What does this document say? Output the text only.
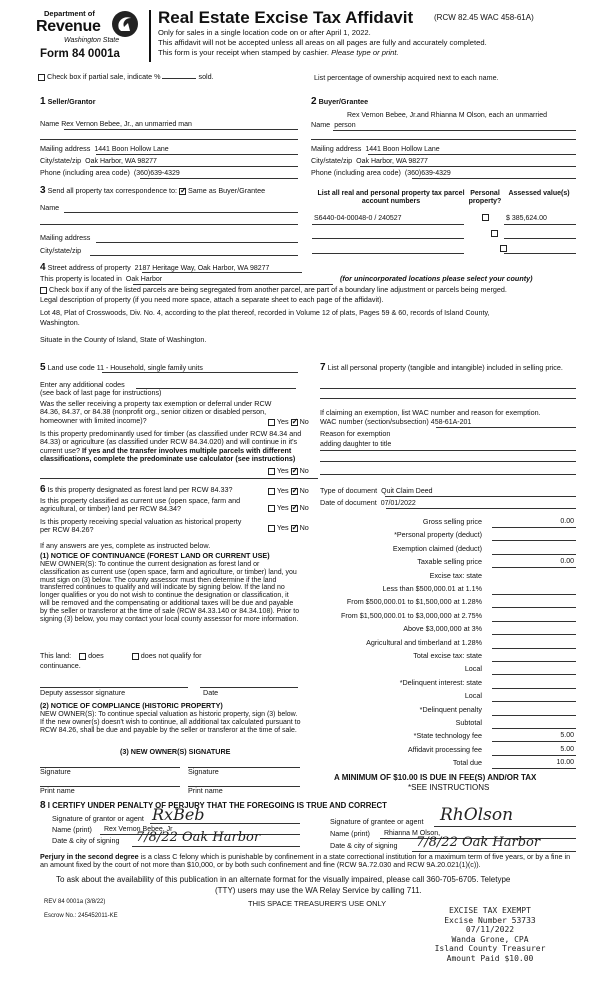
Department of
Revenue
Washington State
Form 84 0001a
Real Estate Excise Tax Affidavit	(RCW 82.45 WAC 458-61A)
Only for sales in a single location code on or after April 1, 2022.
This affidavit will not be accepted unless all areas on all pages are fully and accurately completed.
This form is your receipt when stamped by cashier. Please type or print.
Check box if partial sale, indicate %	sold.	List percentage of ownership acquired next to each name.
1 Seller/Grantor
Name Rex Vernon Bebee, Jr., an unmarried man
Mailing address 1441 Boon Hollow Lane
City/state/zip Oak Harbor, WA 98277
Phone (including area code) (360)639-4329
2 Buyer/Grantee
Rex Vernon Bebee, Jr.and Rhianna M Olson, each an unmarried
Name person
Mailing address 1441 Boon Hollow Lane
City/state/zip Oak Harbor, WA 98277
Phone (including area code) (360)639-4329
3 Send all property tax correspondence to: ✓ Same as Buyer/Grantee
Name
Mailing address
City/state/zip
List all real and personal property tax parcel account numbers
Personal property?
Assessed value(s)
S6440-04-00048-0 / 240527
	$ 385,624.00

4 Street address of property 2187 Heritage Way, Oak Harbor, WA 98277
This property is located in Oak Harbor	(for unincorporated locations please select your county)
Check box if any of the listed parcels are being segregated from another parcel, are part of a boundary line adjustment or parcels being merged.
Legal description of property (if you need more space, attach a separate sheet to each page of the affidavit).
Lot 48, Plat of Crosswoods, Div. No. 4, according to the plat thereof, recorded in Volume 12 of plats, Pages 59 & 60, records of Island County,
Washington.
Situate in the County of Island, State of Washington.
5 Land use code 11 - Household, single family units
Enter any additional codes
(see back of last page for instructions)
Was the seller receiving a property tax exemption or deferral under RCW 84.36, 84.37, or 84.38 (nonprofit org., senior citizen or disabled person, homeowner with limited income)?	Yes ✓ No
Is this property predominantly used for timber (as classified under RCW 84.34 and 84.33) or agriculture (as classified under RCW 84.34.020) and will continue in it's current use? If yes and the transfer involves multiple parcels with different classifications, complete the predominate use calculator (see instructions)
Yes ✓ No
6 Is this property designated as forest land per RCW 84.33?	Yes ✓ No
Is this property classified as current use (open space, farm and agricultural, or timber) land per RCW 84.34?	Yes ✓ No
Is this property receiving special valuation as historical property per RCW 84.26?	Yes ✓ No
If any answers are yes, complete as instructed below.
(1) NOTICE OF CONTINUANCE (FOREST LAND OR CURRENT USE)
NEW OWNER(S): To continue the current designation as forest land or classification as current use (open space, farm and agriculture, or timber) land, you must sign on (3) below. The county assessor must then determine if the land transferred continues to qualify and will indicate by signing below. If the land no longer qualifies or you do not wish to continue the designation or classification, it will be removed and the compensating or additional taxes will be due and payable by the seller or transferor at the time of sale (RCW 84.33.140 or 84.34.108). Prior to signing (3) below, you may contact your local county assessor for more information.
This land: does	does not qualify for
continuance.
Deputy assessor signature	Date
(2) NOTICE OF COMPLIANCE (HISTORIC PROPERTY)
NEW OWNER(S): To continue special valuation as historic property, sign (3) below. If the new owner(s) doesn't wish to continue, all additional tax calculated pursuant to RCW 84.26, shall be due and payable by the seller or transferor at the time of sale.
(3) NEW OWNER(S) SIGNATURE
Signature	Signature
Print name	Print name
7 List all personal property (tangible and intangible) included in selling price.
If claiming an exemption, list WAC number and reason for exemption.
WAC number (section/subsection) 458-61A-201
Reason for exemption
adding daughter to title
Type of document Quit Claim Deed
Date of document 07/01/2022
Gross selling price	0.00
*Personal property (deduct)
Exemption claimed (deduct)
Taxable selling price	0.00
Excise tax: state
Less than $500,000.01 at 1.1%
From $500,000.01 to $1,500,000 at 1.28%
From $1,500,000.01 to $3,000,000 at 2.75%
Above $3,000,000 at 3%
Agricultural and timberland at 1.28%
Total excise tax: state
Local
*Delinquent interest: state
Local
*Delinquent penalty
Subtotal
*State technology fee	5.00
Affidavit processing fee	5.00
Total due	10.00
A MINIMUM OF $10.00 IS DUE IN FEE(S) AND/OR TAX
*SEE INSTRUCTIONS
8 I CERTIFY UNDER PENALTY OF PERJURY THAT THE FOREGOING IS TRUE AND CORRECT
Signature of grantor or agent RxBeb
Name (print) Rex Vernon Bebee, Jr
Date & city of signing 7/8/22 Oak Harbor
Signature of grantee or agent RhOlson
Name (print) Rhianna M Olson,
Date & city of signing 7/8/22 Oak Harbor
Perjury in the second degree is a class C felony which is punishable by confinement in a state correctional institution for a maximum term of five years, or by a fine in an amount fixed by the court of not more than $10,000, or by both such confinement and fine (RCW 9A.72.030 and RCW 9A.20.021(1)(c)).
To ask about the availability of this publication in an alternate format for the visually impaired, please call 360-705-6705. Teletype
(TTY) users may use the WA Relay Service by calling 711.
REV 84 0001a (3/8/22)	THIS SPACE TREASURER'S USE ONLY
Escrow No.: 245452011-KE
EXCISE TAX EXEMPT
Excise Number 53733
07/11/2022
Wanda Grone, CPA
Island County Treasurer
Amount Paid $10.00
